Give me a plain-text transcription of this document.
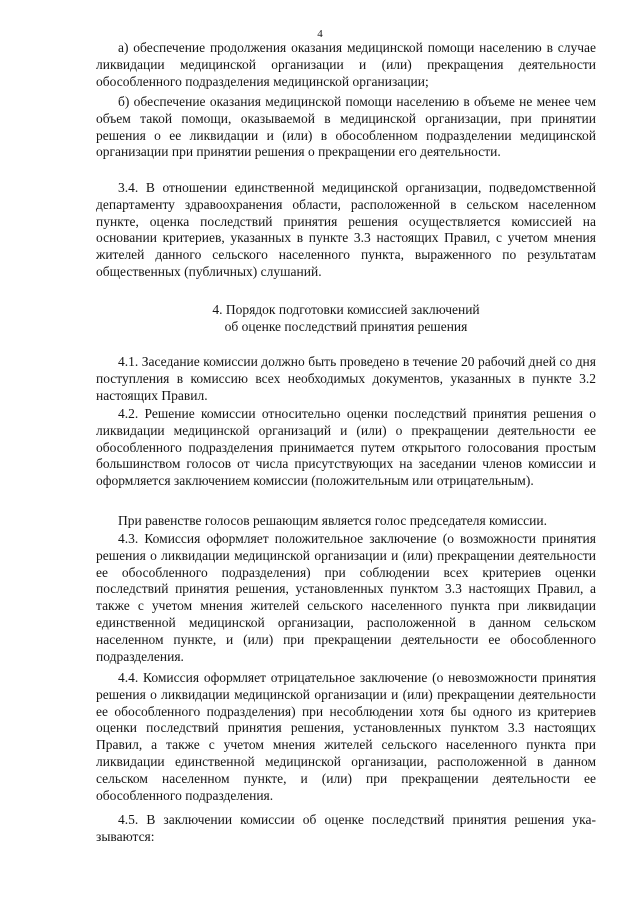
4

а) обеспечение продолжения оказания медицинской помощи населению в случае ликвидации медицинской организации и (или) прекращения деятельности обособленного подразделения медицинской организации;

б) обеспечение оказания медицинской помощи населению в объеме не менее чем объем такой помощи, оказываемой в медицинской организации, при принятии решения о ее ликвидации и (или) в обособленном подразделении медицинской организации при принятии решения о прекращении его деятельности.

3.4. В отношении единственной медицинской организации, подведомственной департаменту здравоохранения области, расположенной в сельском населенном пункте, оценка последствий принятия решения осуществляется комиссией на основании критериев, указанных в пункте 3.3 настоящих Правил, с учетом мнения жителей данного сельского населенного пункта, выраженного по результатам общественных (публичных) слушаний.

4. Порядок подготовки комиссией заключений
об оценке последствий принятия решения

4.1. Заседание комиссии должно быть проведено в течение 20 рабочий дней со дня поступления в комиссию всех необходимых документов, указанных в пункте 3.2 настоящих Правил.

4.2. Решение комиссии относительно оценки последствий принятия решения о ликвидации медицинской организаций и (или) о прекращении деятельности ее обособленного подразделения принимается путем открытого голосования простым большинством голосов от числа присутствующих на заседании членов комиссии и оформляется заключением комиссии (положительным или отрицательным).

При равенстве голосов решающим является голос председателя комиссии.

4.3. Комиссия оформляет положительное заключение (о возможности принятия решения о ликвидации медицинской организации и (или) прекращении деятельности ее обособленного подразделения) при соблюдении всех критериев оценки последствий принятия решения, установленных пунктом 3.3 настоящих Правил, а также с учетом мнения жителей сельского населенного пункта при ликвидации единственной медицинской организации, расположенной в данном сельском населенном пункте, и (или) при прекращении деятельности ее обособленного подразделения.

4.4. Комиссия оформляет отрицательное заключение (о невозможности принятия решения о ликвидации медицинской организации и (или) прекращении деятельности ее обособленного подразделения) при несоблюдении хотя бы одного из критериев оценки последствий принятия решения, установленных пунктом 3.3 настоящих Правил, а также с учетом мнения жителей сельского населенного пункта при ликвидации единственной медицинской организации, расположенной в данном сельском населенном пункте, и (или) при прекращении деятельности ее обособленного подразделения.

4.5. В заключении комиссии об оценке последствий принятия решения указываются:
